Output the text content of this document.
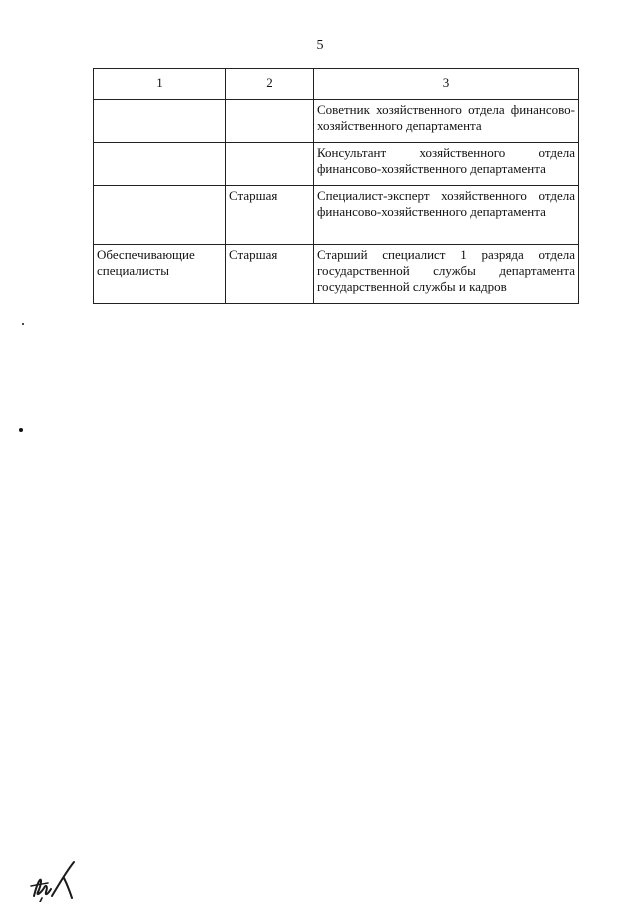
5
1	2	3
		Советник хозяйственного отдела финансово-хозяйственного департамента
		Консультант хозяйственного отдела финансово-хозяйственного департамента
	Старшая	Специалист-эксперт хозяйственного отдела финансово-хозяйственного департамента
Обеспечивающие специалисты	Старшая	Старший специалист 1 разряда отдела государственной службы департамента государственной службы и кадров
